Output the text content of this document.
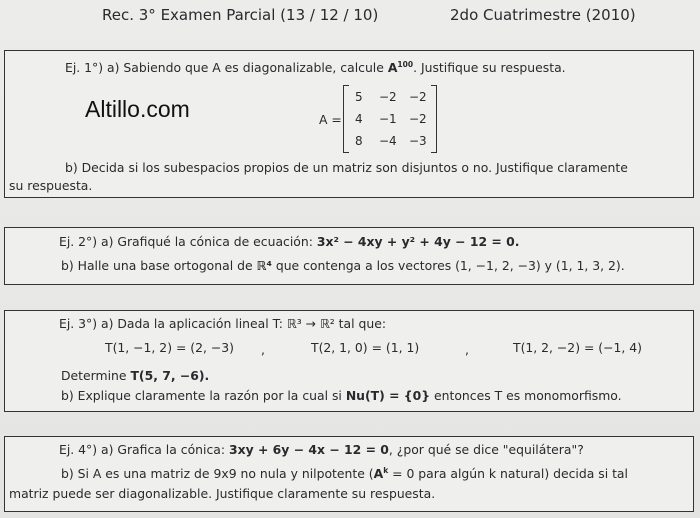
Rec. 3° Examen Parcial (13 / 12 / 10)	2do Cuatrimestre (2010)
Ej. 1°) a) Sabiendo que A es diagonalizable, calcule $A^{100}$. Justifique su respuesta.
A =
5 −2 −2
4 −1 −2
8 −4 −3
b) Decida si los subespacios propios de un matriz son disjuntos o no. Justifique claramente
su respuesta.
Altillo.com
Ej. 2°) a) Grafiqué la cónica de ecuación: 3x² − 4xy + y² + 4y − 12 = 0.
b) Halle una base ortogonal de ℝ⁴ que contenga a los vectores (1, −1, 2, −3) y (1, 1, 3, 2).
Ej. 3°) a) Dada la aplicación lineal T: ℝ³ → ℝ² tal que:
T(1, −1, 2) = (2, −3) ,	T(2, 1, 0) = (1, 1)	,	T(1, 2, −2) = (−1, 4)
Determine T(5, 7, −6).
b) Explique claramente la razón por la cual si Nu(T) = {0} entonces T es monomorfismo.
Ej. 4°) a) Grafica la cónica: 3xy + 6y − 4x − 12 = 0, ¿por qué se dice "equilátera"?
b) Si A es una matriz de 9x9 no nula y nilpotente ($A^k = 0$ para algún k natural) decida si tal
matriz puede ser diagonalizable. Justifique claramente su respuesta.
